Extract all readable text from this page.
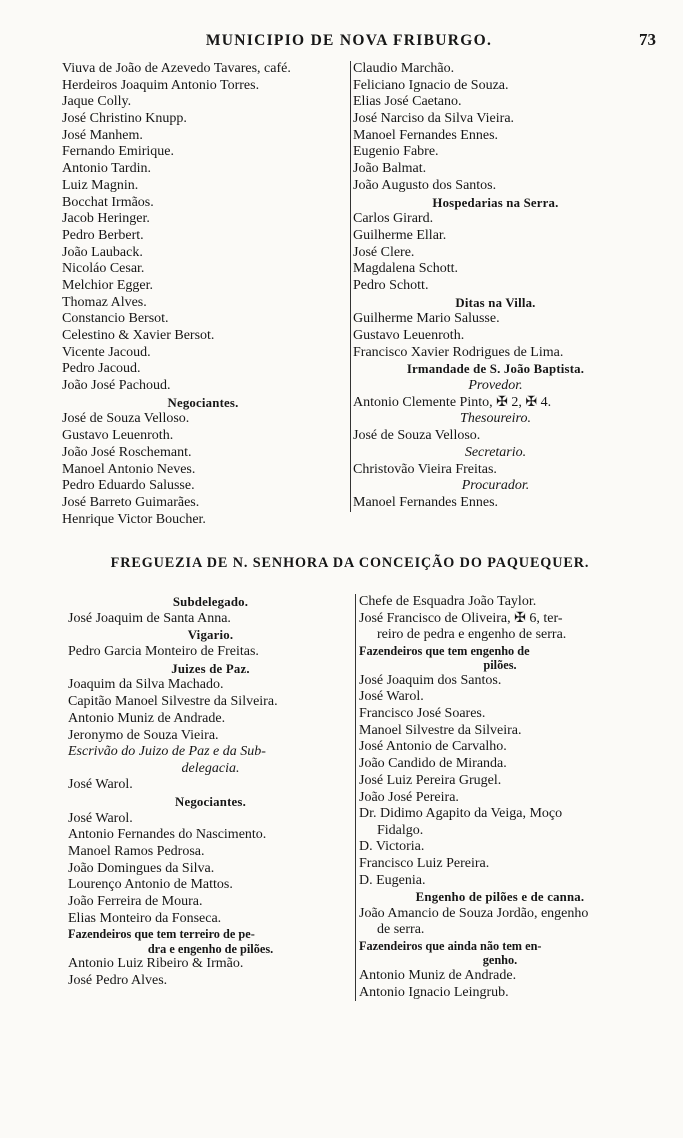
MUNICIPIO DE NOVA FRIBURGO.	73
Viuva de João de Azevedo Tavares, café.
Herdeiros Joaquim Antonio Torres.
Jaque Colly.
José Christino Knupp.
José Manhem.
Fernando Emirique.
Antonio Tardin.
Luiz Magnin.
Bocchat Irmãos.
Jacob Heringer.
Pedro Berbert.
João Lauback.
Nicoláo Cesar.
Melchior Egger.
Thomaz Alves.
Constancio Bersot.
Celestino & Xavier Bersot.
Vicente Jacoud.
Pedro Jacoud.
João José Pachoud.
Negociantes.
José de Souza Velloso.
Gustavo Leuenroth.
João José Roschemant.
Manoel Antonio Neves.
Pedro Eduardo Salusse.
José Barreto Guimarães.
Henrique Victor Boucher.
Claudio Marchão.
Feliciano Ignacio de Souza.
Elias José Caetano.
José Narciso da Silva Vieira.
Manoel Fernandes Ennes.
Eugenio Fabre.
João Balmat.
João Augusto dos Santos.
Hospedarias na Serra.
Carlos Girard.
Guilherme Ellar.
José Clere.
Magdalena Schott.
Pedro Schott.
Ditas na Villa.
Guilherme Mario Salusse.
Gustavo Leuenroth.
Francisco Xavier Rodrigues de Lima.
Irmandade de S. João Baptista.
Provedor.
Antonio Clemente Pinto, ✠ 2, ✠ 4.
Thesoureiro.
José de Souza Velloso.
Secretario.
Christovão Vieira Freitas.
Procurador.
Manoel Fernandes Ennes.
FREGUEZIA DE N. SENHORA DA CONCEIÇÃO DO PAQUEQUER.
Subdelegado.
José Joaquim de Santa Anna.
Vigario.
Pedro Garcia Monteiro de Freitas.
Juizes de Paz.
Joaquim da Silva Machado.
Capitão Manoel Silvestre da Silveira.
Antonio Muniz de Andrade.
Jeronymo de Souza Vieira.
Escrivão do Juizo de Paz e da Sub-
delegacia.
José Warol.
Negociantes.
José Warol.
Antonio Fernandes do Nascimento.
Manoel Ramos Pedrosa.
João Domingues da Silva.
Lourenço Antonio de Mattos.
João Ferreira de Moura.
Elias Monteiro da Fonseca.
Fazendeiros que tem terreiro de pe-
dra e engenho de pilões.
Antonio Luiz Ribeiro & Irmão.
José Pedro Alves.
Chefe de Esquadra João Taylor.
José Francisco de Oliveira, ✠ 6, ter-
reiro de pedra e engenho de serra.
Fazendeiros que tem engenho de
pilões.
José Joaquim dos Santos.
José Warol.
Francisco José Soares.
Manoel Silvestre da Silveira.
José Antonio de Carvalho.
João Candido de Miranda.
José Luiz Pereira Grugel.
João José Pereira.
Dr. Didimo Agapito da Veiga, Moço
Fidalgo.
D. Victoria.
Francisco Luiz Pereira.
D. Eugenia.
Engenho de pilões e de canna.
João Amancio de Souza Jordão, engenho
de serra.
Fazendeiros que ainda não tem en-
genho.
Antonio Muniz de Andrade.
Antonio Ignacio Leingrub.
